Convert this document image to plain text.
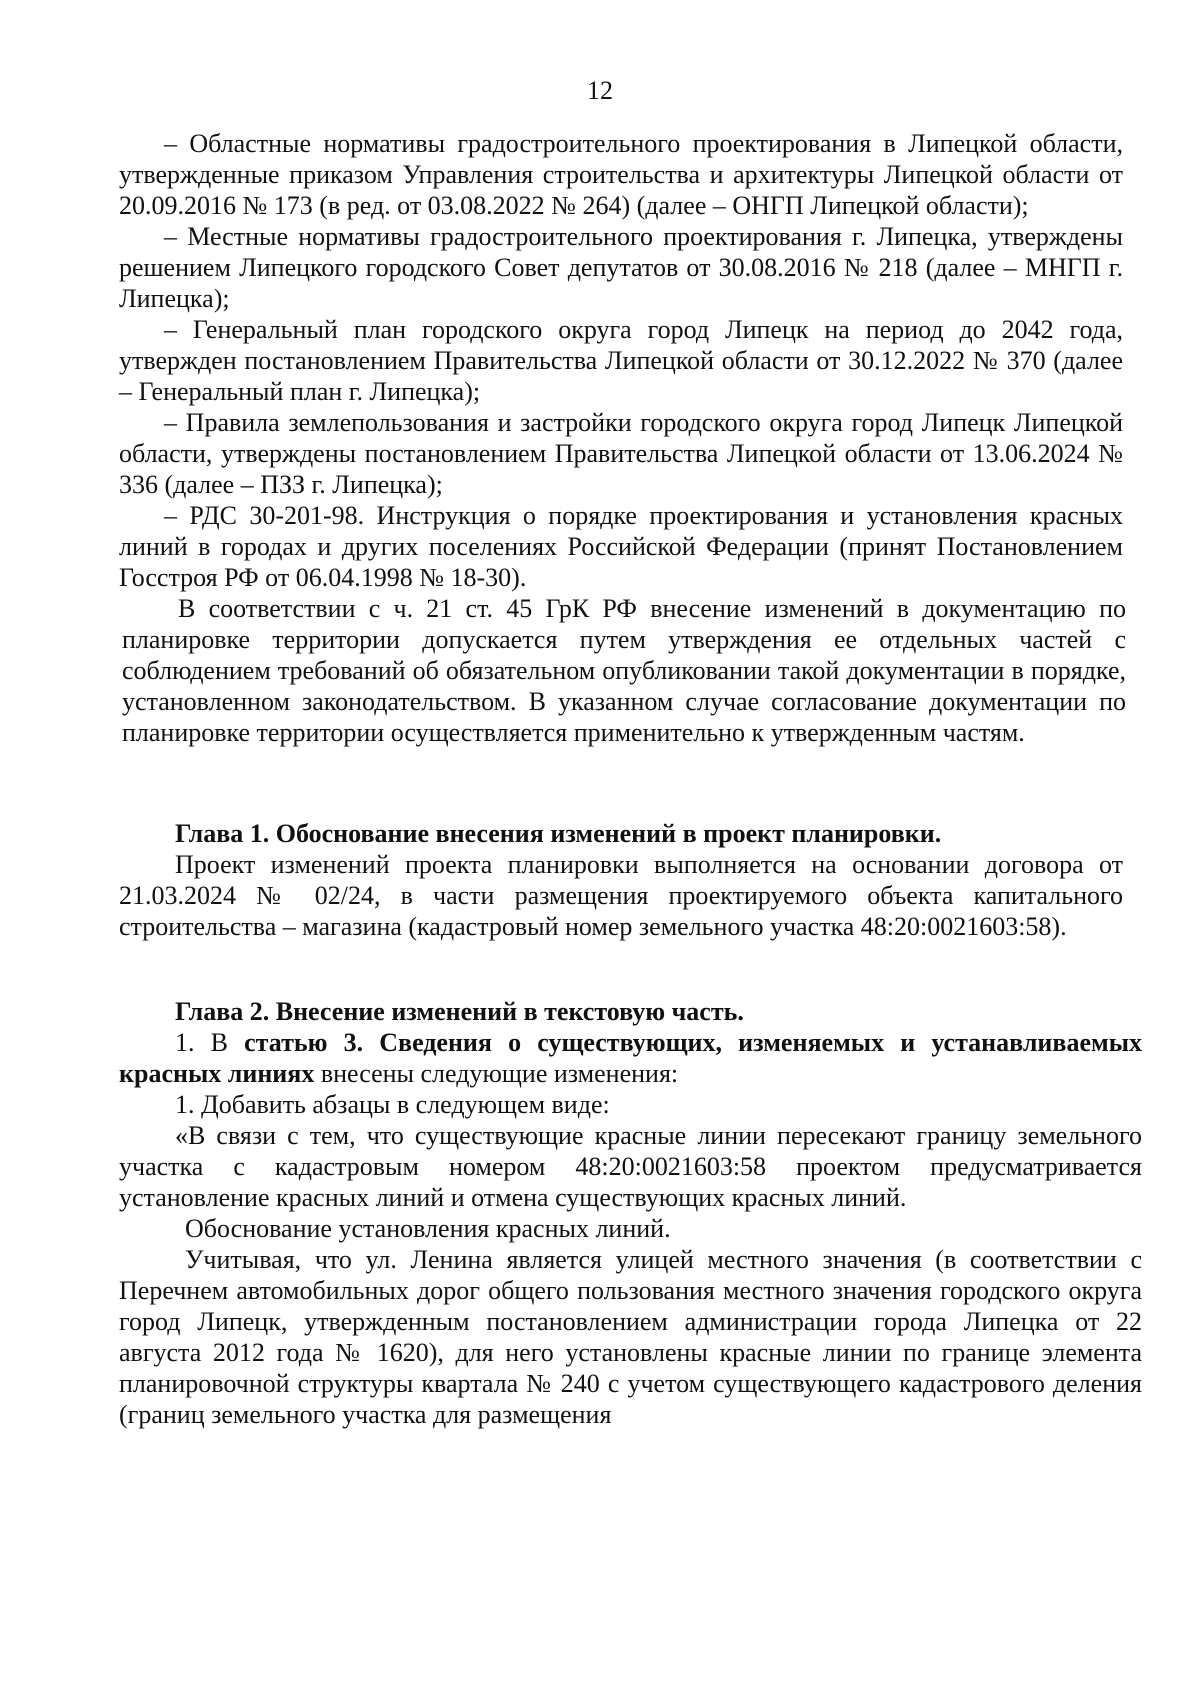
12

– Областные нормативы градостроительного проектирования в Липецкой области, утвержденные приказом Управления строительства и архитектуры Липецкой области от 20.09.2016 № 173 (в ред. от 03.08.2022 № 264) (далее – ОНГП Липецкой области);

– Местные нормативы градостроительного проектирования г. Липецка, утверждены решением Липецкого городского Совет депутатов от 30.08.2016 № 218 (далее – МНГП г. Липецка);

– Генеральный план городского округа город Липецк на период до 2042 года, утвержден постановлением Правительства Липецкой области от 30.12.2022 № 370 (далее – Генеральный план г. Липецка);

– Правила землепользования и застройки городского округа город Липецк Липецкой области, утверждены постановлением Правительства Липецкой области от 13.06.2024 № 336 (далее – ПЗЗ г. Липецка);

– РДС 30-201-98. Инструкция о порядке проектирования и установления красных линий в городах и других поселениях Российской Федерации (принят Постановлением Госстроя РФ от 06.04.1998 № 18-30).

В соответствии с ч. 21 ст. 45 ГрК РФ внесение изменений в документацию по планировке территории допускается путем утверждения ее отдельных частей с соблюдением требований об обязательном опубликовании такой документации в порядке, установленном законодательством. В указанном случае согласование документации по планировке территории осуществляется применительно к утвержденным частям.

Глава 1. Обоснование внесения изменений в проект планировки.

Проект изменений проекта планировки выполняется на основании договора от 21.03.2024 № 02/24, в части размещения проектируемого объекта капитального строительства – магазина (кадастровый номер земельного участка 48:20:0021603:58).

Глава 2. Внесение изменений в текстовую часть.

1. В статью 3. Сведения о существующих, изменяемых и устанавливаемых красных линиях внесены следующие изменения:

1. Добавить абзацы в следующем виде:

«В связи с тем, что существующие красные линии пересекают границу земельного участка с кадастровым номером 48:20:0021603:58 проектом предусматривается установление красных линий и отмена существующих красных линий.

Обоснование установления красных линий.

Учитывая, что ул. Ленина является улицей местного значения (в соответствии с Перечнем автомобильных дорог общего пользования местного значения городского округа город Липецк, утвержденным постановлением администрации города Липецка от 22 августа 2012 года № 1620), для него установлены красные линии по границе элемента планировочной структуры квартала № 240 с учетом существующего кадастрового деления (границ земельного участка для размещения
